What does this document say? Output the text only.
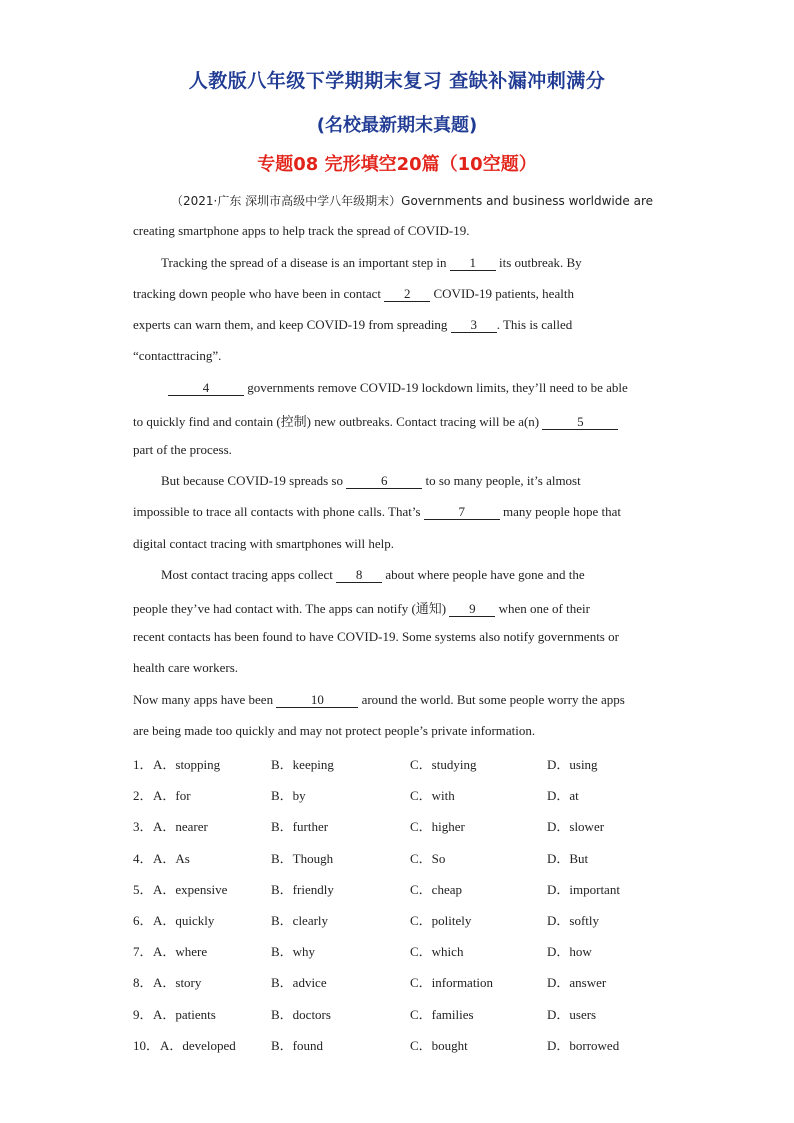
人教版八年级下学期期末复习 查缺补漏冲刺满分
(名校最新期末真题)
专题08 完形填空20篇（10空题）
（2021·广东 深圳市高级中学八年级期末）Governments and business worldwide are
creating smartphone apps to help track the spread of COVID-19.
Tracking the spread of a disease is an important step in 1 its outbreak. By
tracking down people who have been in contact 2 COVID-19 patients, health
experts can warn them, and keep COVID-19 from spreading 3 . This is called
“contacttracing”.
4	governments remove COVID-19 lockdown limits, they’ll need to be able
to quickly find and contain (控制) new outbreaks. Contact tracing will be a(n)	5
part of the process.
But because COVID-19 spreads so	6	to so many people, it’s almost
impossible to trace all contacts with phone calls. That’s	7	many people hope that
digital contact tracing with smartphones will help.
Most contact tracing apps collect 8 about where people have gone and the
people they’ve had contact with. The apps can notify (通知) 9 when one of their
recent contacts has been found to have COVID-19. Some systems also notify governments or
health care workers.
Now many apps have been	10	around the world. But some people worry the apps
are being made too quickly and may not protect people’s private information.
1． A．stopping	B．keeping	C．studying	D．using
2． A．for	B．by	C．with	D．at
3． A．nearer	B．further	C．higher	D．slower
4． A．As	B．Though	C．So	D．But
5． A．expensive	B．friendly	C．cheap	D．important
6． A．quickly	B．clearly	C．politely	D．softly
7． A．where	B．why	C．which	D．how
8． A．story	B．advice	C．information	D．answer
9． A．patients	B．doctors	C．families	D．users
10． A．developed	B．found	C．bought	D．borrowed
